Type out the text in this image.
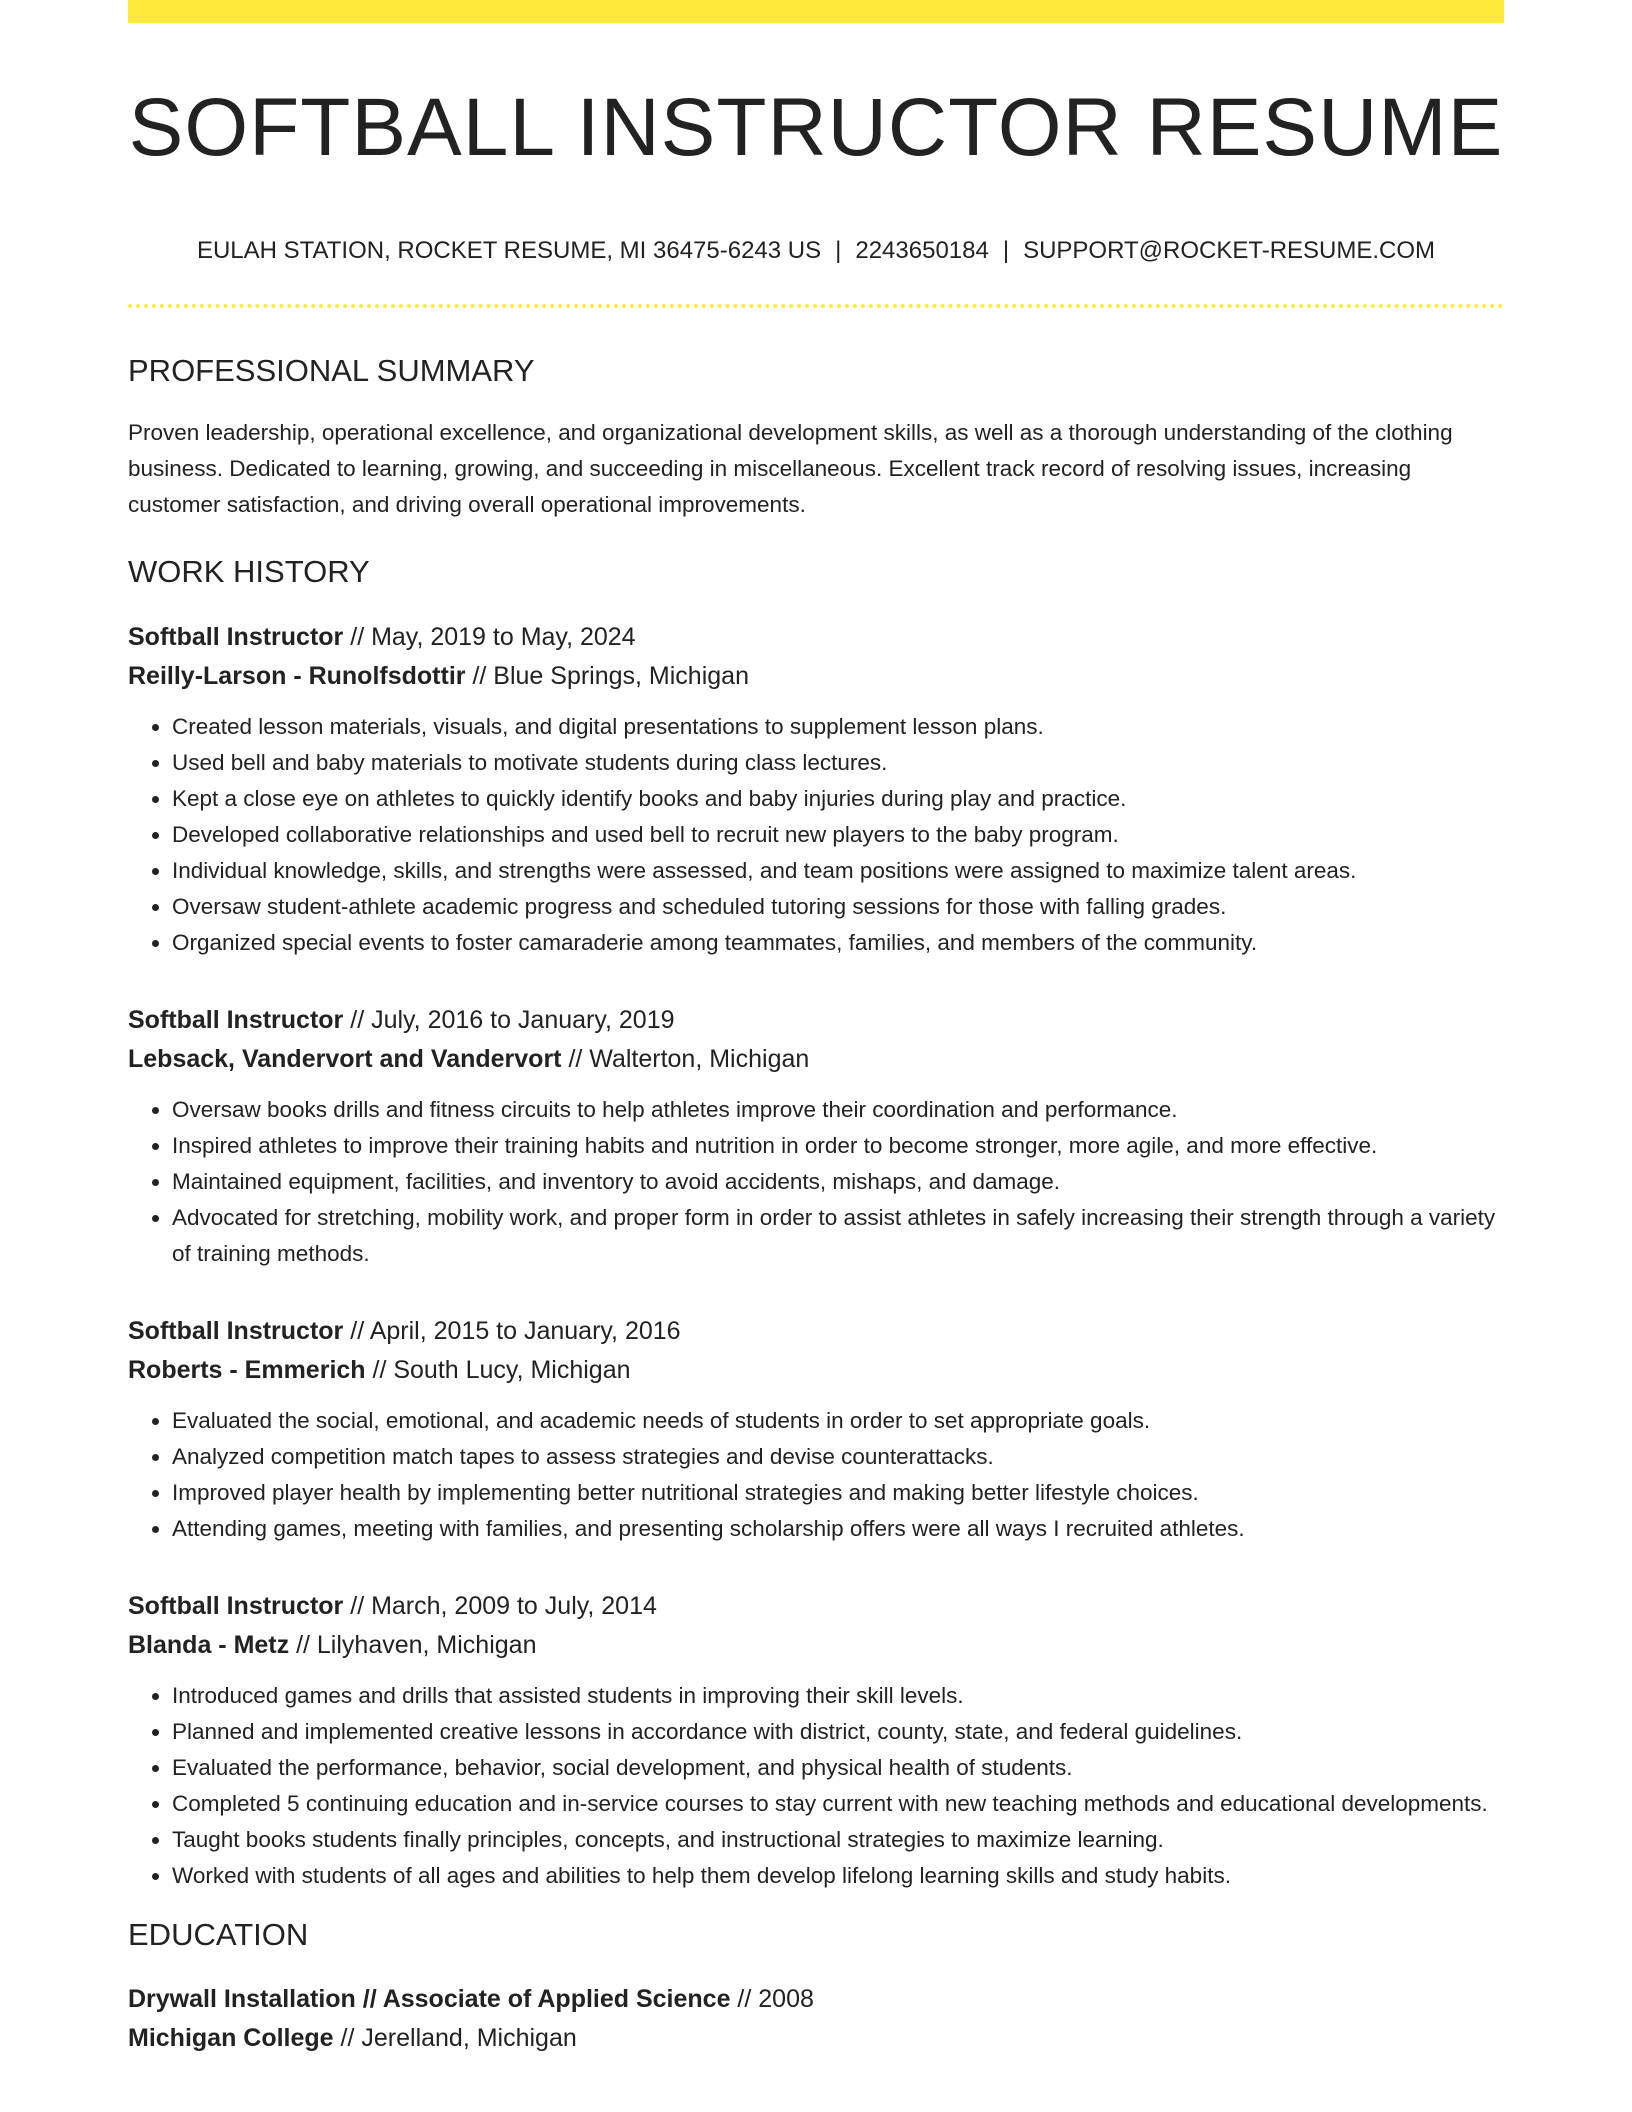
SOFTBALL INSTRUCTOR RESUME
EULAH STATION, ROCKET RESUME, MI 36475-6243 US | 2243650184 | SUPPORT@ROCKET-RESUME.COM
PROFESSIONAL SUMMARY

Proven leadership, operational excellence, and organizational development skills, as well as a thorough understanding of the clothing business. Dedicated to learning, growing, and succeeding in miscellaneous. Excellent track record of resolving issues, increasing customer satisfaction, and driving overall operational improvements.

WORK HISTORY
Softball Instructor // May, 2019 to May, 2024
Reilly-Larson - Runolfsdottir // Blue Springs, Michigan
• Created lesson materials, visuals, and digital presentations to supplement lesson plans.
• Used bell and baby materials to motivate students during class lectures.
• Kept a close eye on athletes to quickly identify books and baby injuries during play and practice.
• Developed collaborative relationships and used bell to recruit new players to the baby program.
• Individual knowledge, skills, and strengths were assessed, and team positions were assigned to maximize talent areas.
• Oversaw student-athlete academic progress and scheduled tutoring sessions for those with falling grades.
• Organized special events to foster camaraderie among teammates, families, and members of the community.
Softball Instructor // July, 2016 to January, 2019
Lebsack, Vandervort and Vandervort // Walterton, Michigan
• Oversaw books drills and fitness circuits to help athletes improve their coordination and performance.
• Inspired athletes to improve their training habits and nutrition in order to become stronger, more agile, and more effective.
• Maintained equipment, facilities, and inventory to avoid accidents, mishaps, and damage.
• Advocated for stretching, mobility work, and proper form in order to assist athletes in safely increasing their strength through a variety of training methods.
Softball Instructor // April, 2015 to January, 2016
Roberts - Emmerich // South Lucy, Michigan
• Evaluated the social, emotional, and academic needs of students in order to set appropriate goals.
• Analyzed competition match tapes to assess strategies and devise counterattacks.
• Improved player health by implementing better nutritional strategies and making better lifestyle choices.
• Attending games, meeting with families, and presenting scholarship offers were all ways I recruited athletes.
Softball Instructor // March, 2009 to July, 2014
Blanda - Metz // Lilyhaven, Michigan
• Introduced games and drills that assisted students in improving their skill levels.
• Planned and implemented creative lessons in accordance with district, county, state, and federal guidelines.
• Evaluated the performance, behavior, social development, and physical health of students.
• Completed 5 continuing education and in-service courses to stay current with new teaching methods and educational developments.
• Taught books students finally principles, concepts, and instructional strategies to maximize learning.
• Worked with students of all ages and abilities to help them develop lifelong learning skills and study habits.
EDUCATION
Drywall Installation // Associate of Applied Science // 2008
Michigan College // Jerelland, Michigan
